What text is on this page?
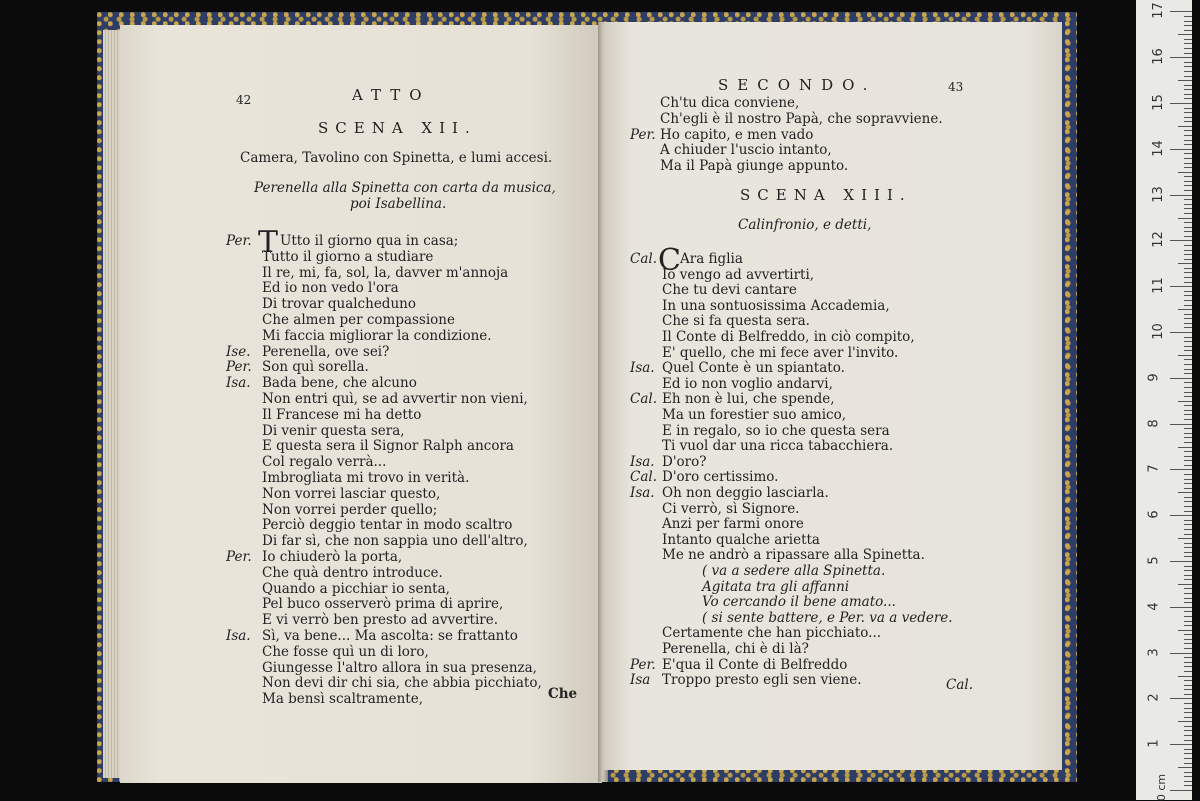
42	ATTO
SCENA XII.
Camera, Tavolino con Spinetta, e lumi accesi.
Perenella alla Spinetta con carta da musica,
poi Isabellina.
Per. T Utto il giorno qua in casa;
Tutto il giorno a studiare
Il re, mi, fa, sol, la, davver m'annoja
Ed io non vedo l'ora
Di trovar qualcheduno
Che almen per compassione
Mi faccia migliorar la condizione.
Ise. Perenella, ove sei?
Per. Son quì sorella.
Isa. Bada bene, che alcuno
Non entri quì, se ad avvertir non vieni,
Il Francese mi ha detto
Di venir questa sera,
E questa sera il Signor Ralph ancora
Col regalo verrà...
Imbrogliata mi trovo in verità.
Non vorrei lasciar questo,
Non vorrei perder quello;
Perciò deggio tentar in modo scaltro
Di far sì, che non sappia uno dell'altro,
Per. Io chiuderò la porta,
Che quà dentro introduce.
Quando a picchiar io senta,
Pel buco osserverò prima di aprire,
E vi verrò ben presto ad avvertire.
Isa. Sì, va bene... Ma ascolta: se frattanto
Che fosse quì un di loro,
Giungesse l'altro allora in sua presenza,
Non devi dir chi sia, che abbia picchiato,
Ma bensì scaltramente,	Che
SECONDO.	43
Ch'tu dica conviene,
Ch'egli è il nostro Papà, che sopravviene.
Per. Ho capito, e men vado
A chiuder l'uscio intanto,
Ma il Papà giunge appunto.
SCENA XIII.
Calinfronio, e detti,
Cal. C Ara figlia
Io vengo ad avvertirti,
Che tu devi cantare
In una sontuosissima Accademia,
Che si fa questa sera.
Il Conte di Belfreddo, in ciò compito,
E' quello, che mi fece aver l'invito.
Isa. Quel Conte è un spiantato.
Ed io non voglio andarvi,
Cal. Eh non è lui, che spende,
Ma un forestier suo amico,
E in regalo, so io che questa sera
Ti vuol dar una ricca tabacchiera.
Isa. D'oro?
Cal. D'oro certissimo.
Isa. Oh non deggio lasciarla.
Ci verrò, sì Signore.
Anzi per farmi onore
Intanto qualche arietta
Me ne andrò a ripassare alla Spinetta.
( va a sedere alla Spinetta.
Agitata tra gli affanni
Vo cercando il bene amato...
( si sente battere, e Per. va a vedere.
Certamente che han picchiato...
Perenella, chi è di là?
Per. E'qua il Conte di Belfreddo
Isa Troppo presto egli sen viene.	Cal.
17
16
15
14
13
12
11
10
9
8
7
6
5
4
3
2
1
0 cm
